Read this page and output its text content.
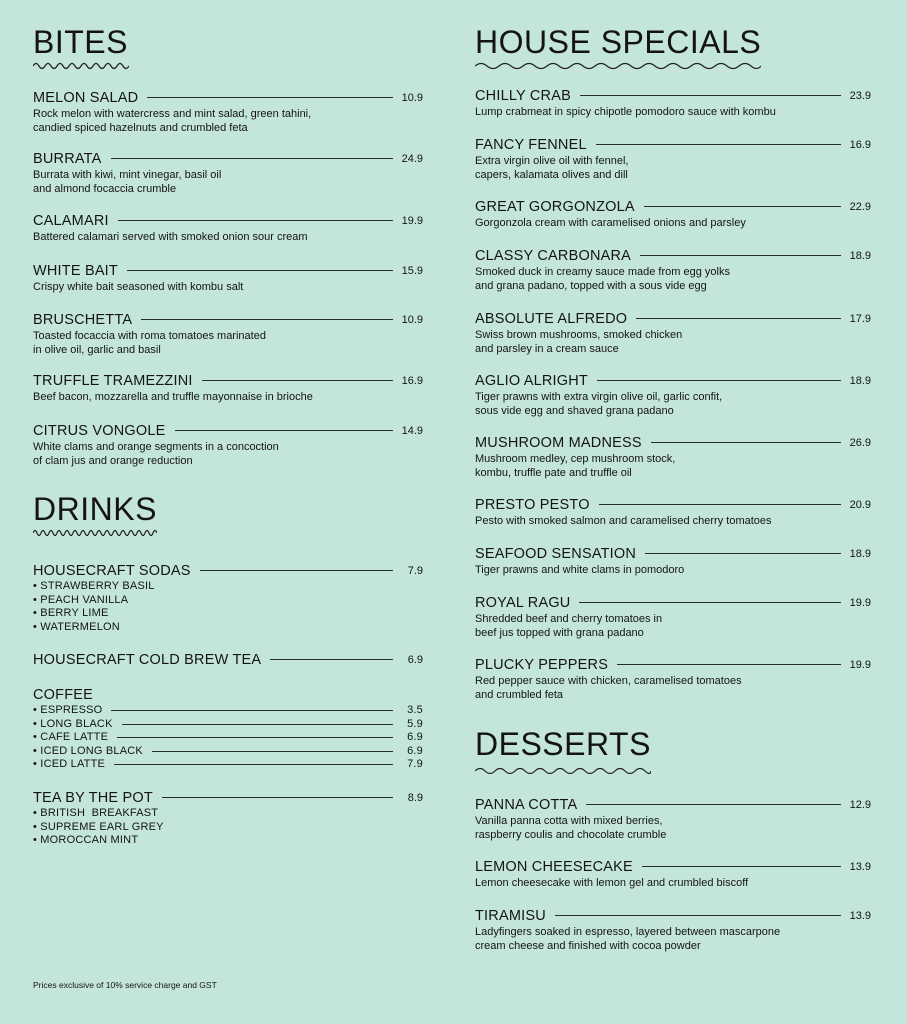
BITES
MELON SALAD	10.9
Rock melon with watercress and mint salad, green tahini,
candied spiced hazelnuts and crumbled feta
BURRATA	24.9
Burrata with kiwi, mint vinegar, basil oil
and almond focaccia crumble
CALAMARI	19.9
Battered calamari served with smoked onion sour cream
WHITE BAIT	15.9
Crispy white bait seasoned with kombu salt
BRUSCHETTA	10.9
Toasted focaccia with roma tomatoes marinated
in olive oil, garlic and basil
TRUFFLE TRAMEZZINI	16.9
Beef bacon, mozzarella and truffle mayonnaise in brioche
CITRUS VONGOLE	14.9
White clams and orange segments in a concoction
of clam jus and orange reduction
DRINKS
HOUSECRAFT SODAS	7.9
• STRAWBERRY BASIL
• PEACH VANILLA
• BERRY LIME
• WATERMELON
HOUSECRAFT COLD BREW TEA	6.9
COFFEE
• ESPRESSO	3.5
• LONG BLACK	5.9
• CAFE LATTE	6.9
• ICED LONG BLACK	6.9
• ICED LATTE	7.9
TEA BY THE POT	8.9
• BRITISH  BREAKFAST
• SUPREME EARL GREY
• MOROCCAN MINT
HOUSE SPECIALS
CHILLY CRAB	23.9
Lump crabmeat in spicy chipotle pomodoro sauce with kombu
FANCY FENNEL	16.9
Extra virgin olive oil with fennel,
capers, kalamata olives and dill
GREAT GORGONZOLA	22.9
Gorgonzola cream with caramelised onions and parsley
CLASSY CARBONARA	18.9
Smoked duck in creamy sauce made from egg yolks
and grana padano, topped with a sous vide egg
ABSOLUTE ALFREDO	17.9
Swiss brown mushrooms, smoked chicken
and parsley in a cream sauce
AGLIO ALRIGHT	18.9
Tiger prawns with extra virgin olive oil, garlic confit,
sous vide egg and shaved grana padano
MUSHROOM MADNESS	26.9
Mushroom medley, cep mushroom stock,
kombu, truffle pate and truffle oil
PRESTO PESTO	20.9
Pesto with smoked salmon and caramelised cherry tomatoes
SEAFOOD SENSATION	18.9
Tiger prawns and white clams in pomodoro
ROYAL RAGU	19.9
Shredded beef and cherry tomatoes in
beef jus topped with grana padano
PLUCKY PEPPERS	19.9
Red pepper sauce with chicken, caramelised tomatoes
and crumbled feta
DESSERTS
PANNA COTTA	12.9
Vanilla panna cotta with mixed berries,
raspberry coulis and chocolate crumble
LEMON CHEESECAKE	13.9
Lemon cheesecake with lemon gel and crumbled biscoff
TIRAMISU	13.9
Ladyfingers soaked in espresso, layered between mascarpone
cream cheese and finished with cocoa powder
Prices exclusive of 10% service charge and GST
